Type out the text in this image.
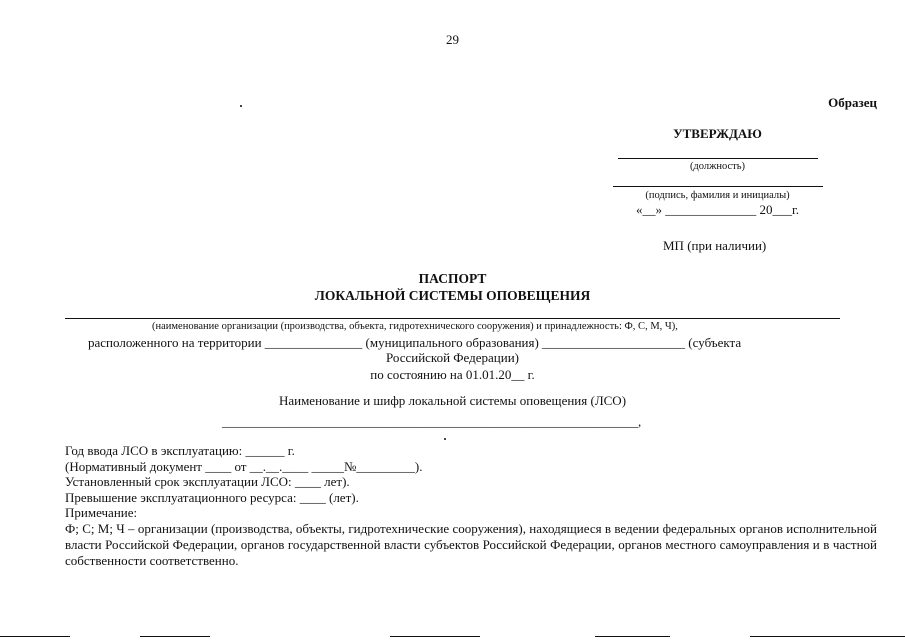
29
Образец
УТВЕРЖДАЮ
(должность)
(подпись, фамилия и инициалы)
«__» ______________ 20___г.
МП (при наличии)
ПАСПОРТ
ЛОКАЛЬНОЙ СИСТЕМЫ ОПОВЕЩЕНИЯ
(наименование организации (производства, объекта, гидротехнического сооружения) и принадлежность: Ф, С, М, Ч),
расположенного на территории _______________ (муниципального образования) ______________________ (субъекта
Российской Федерации)
по состоянию на 01.01.20__ г.
Наименование и шифр локальной системы оповещения (ЛСО)
________________________________________________________________,
Год ввода ЛСО в эксплуатацию: ______ г.
(Нормативный документ ____ от __.__.____ _____№_________).
Установленный срок эксплуатации ЛСО: ____ лет).
Превышение эксплуатационного ресурса: ____ (лет).
Примечание:
Ф; С; М; Ч – организации (производства, объекты, гидротехнические сооружения), находящиеся в ведении федеральных органов исполнительной власти Российской Федерации, органов государственной власти субъектов Российской Федерации, органов местного самоуправления и в частной собственности соответственно.
